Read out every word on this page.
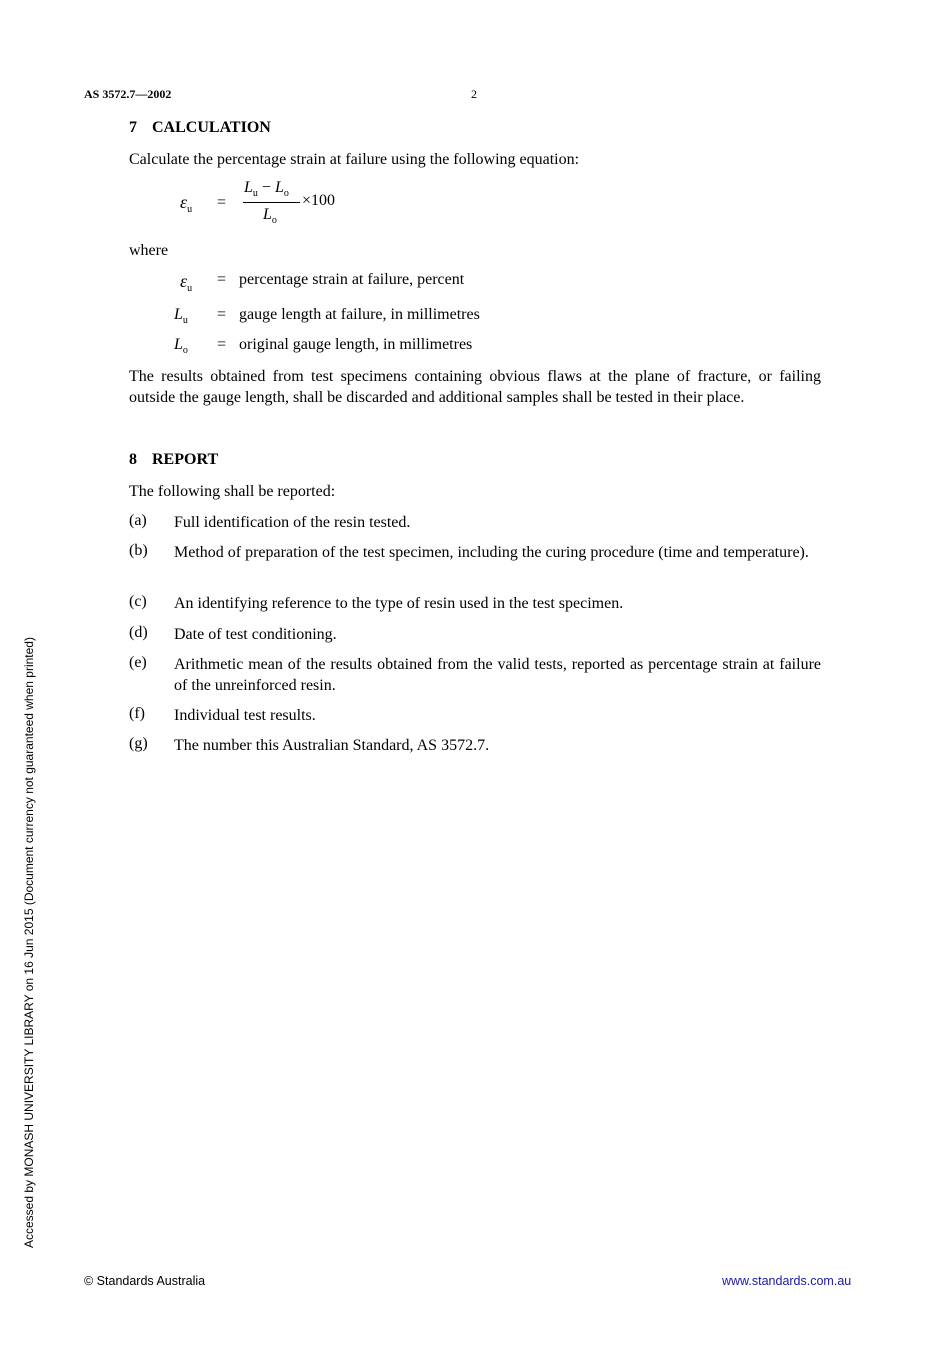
AS 3572.7—2002	2
7 CALCULATION
Calculate the percentage strain at failure using the following equation:
$\varepsilon_u$ =
$L_u - L_o \times 100$
$L_o$
where
$\varepsilon_u$
= percentage strain at failure, percent
$L_u$ = gauge length at failure, in millimetres
$L_o$ = original gauge length, in millimetres
The results obtained from test specimens containing obvious flaws at the plane of fracture, or failing outside the gauge length, shall be discarded and additional samples shall be tested in their place.
8 REPORT
The following shall be reported:
(a) Full identification of the resin tested.
(b) Method of preparation of the test specimen, including the curing procedure (time and temperature).
(c) An identifying reference to the type of resin used in the test specimen.
(d) Date of test conditioning.
(e) Arithmetic mean of the results obtained from the valid tests, reported as percentage strain at failure of the unreinforced resin.
(f) Individual test results.
(g) The number this Australian Standard, AS 3572.7.
Accessed by MONASH UNIVERSITY LIBRARY on 16 Jun 2015 (Document currency not guaranteed when printed)
© Standards Australia	www.standards.com.au
